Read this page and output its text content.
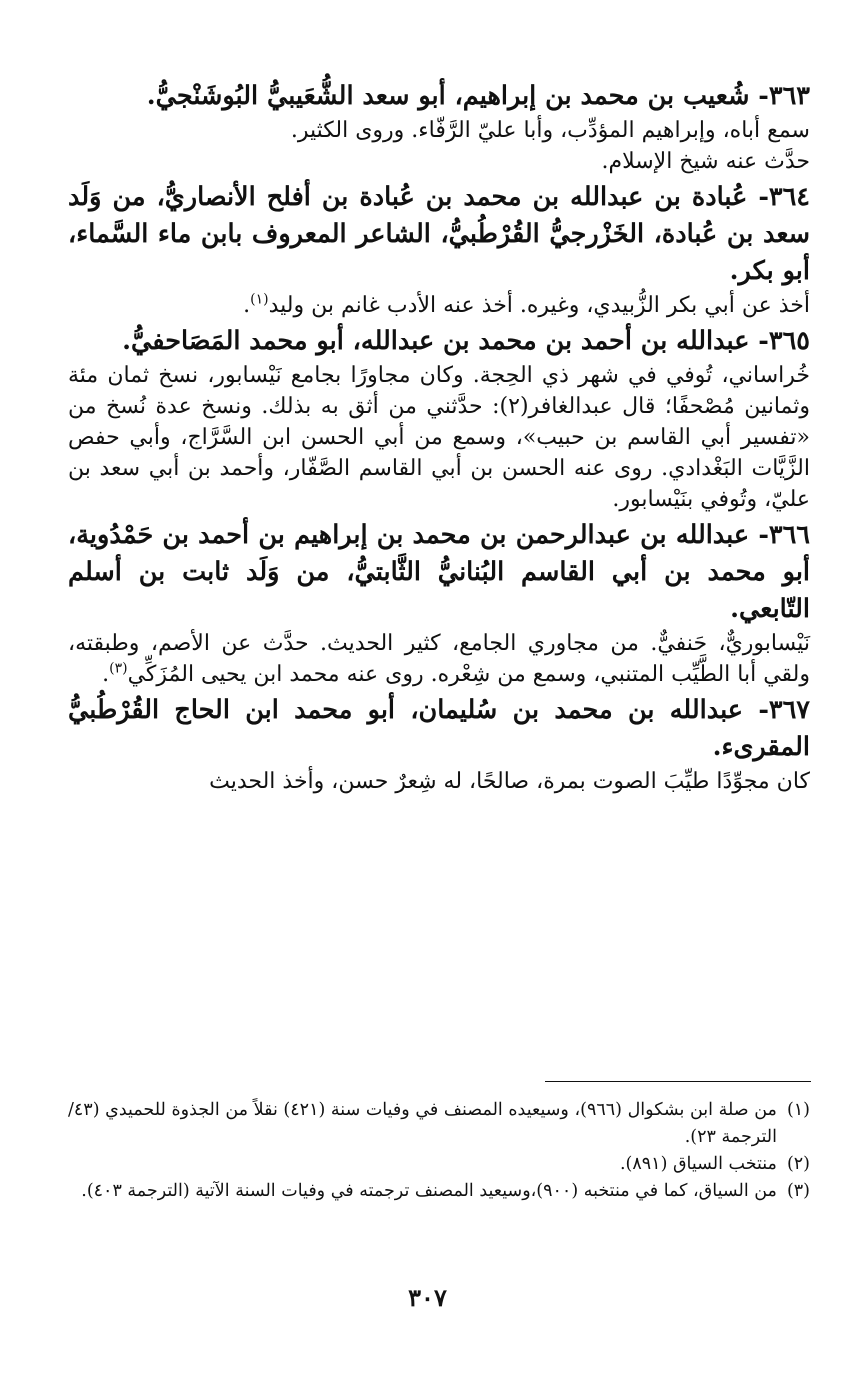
٣٦٣- شُعيب بن محمد بن إبراهيم، أبو سعد الشُّعَيبيُّ البُوشَنْجيُّ.

سمع أباه، وإبراهيم المؤدِّب، وأبا عليّ الرَّفّاء. وروى الكثير.

حدَّث عنه شيخ الإسلام.

٣٦٤- عُبادة بن عبدالله بن محمد بن عُبادة بن أفلح الأنصاريُّ، من وَلَد سعد بن عُبادة، الخَزْرجيُّ القُرْطُبيُّ، الشاعر المعروف بابن ماء السَّماء، أبو بكر.

أخذ عن أبي بكر الزُّبيدي، وغيره. أخذ عنه الأدب غانم بن وليد$^{(١)}$.

٣٦٥- عبدالله بن أحمد بن محمد بن عبدالله، أبو محمد المَصَاحفيُّ.

خُراساني، تُوفي في شهر ذي الحِجة. وكان مجاورًا بجامع نَيْسابور، نسخ ثمان مئة وثمانين مُصْحفًا؛ قال عبدالغافر(٢): حدَّثني من أثق به بذلك. ونسخ عدة نُسخ من «تفسير أبي القاسم بن حبيب»، وسمع من أبي الحسن ابن السَّرَّاج، وأبي حفص الزَّيَّات البَغْدادي. روى عنه الحسن بن أبي القاسم الصَّفّار، وأحمد بن أبي سعد بن عليّ، وتُوفي بنَيْسابور.

٣٦٦- عبدالله بن عبدالرحمن بن محمد بن إبراهيم بن أحمد بن حَمْدُوية، أبو محمد بن أبي القاسم البُنانيُّ الثَّابتيُّ، من وَلَد ثابت بن أسلم التّابعي.

نَيْسابوريٌّ، حَنفيٌّ. من مجاوري الجامع، كثير الحديث. حدَّث عن الأصم، وطبقته، ولقي أبا الطَّيِّب المتنبي، وسمع من شِعْره. روى عنه محمد ابن يحيى المُزَكِّي$^{(٣)}$.

٣٦٧- عبدالله بن محمد بن سُليمان، أبو محمد ابن الحاج القُرْطُبيُّ المقرىء.

كان مجوِّدًا طيِّبَ الصوت بمرة، صالحًا، له شِعرٌ حسن، وأخذ الحديث

(١)
من صلة ابن بشكوال (٩٦٦)، وسيعيده المصنف في وفيات سنة (٤٢١) نقلاً من الجذوة للحميدي (٤٣/ الترجمة ٢٣).
(٢)
منتخب السياق (٨٩١).
(٣)
من السياق، كما في منتخبه (٩٠٠)،وسيعيد المصنف ترجمته في وفيات السنة الآتية (الترجمة ٤٠٣).
٣٠٧
